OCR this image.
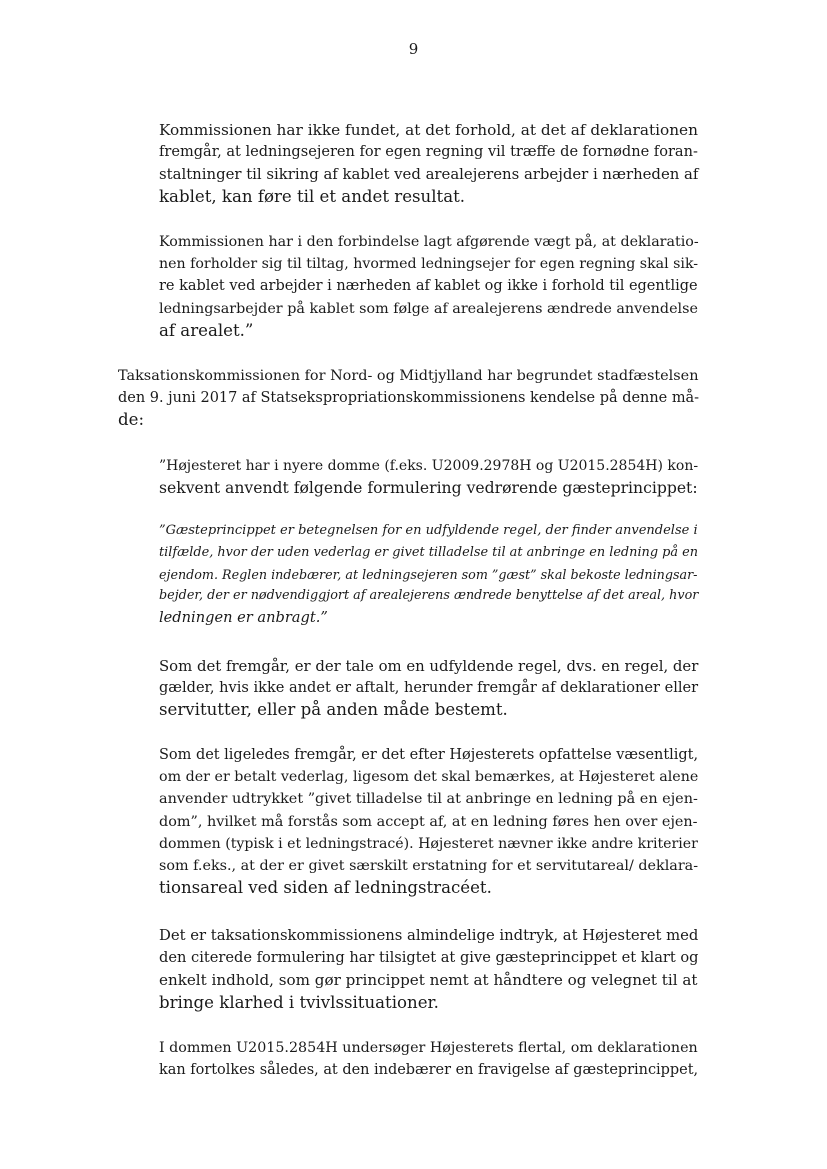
9

Kommissionen har ikke fundet, at det forhold, at det af deklarationen
fremgår, at ledningsejeren for egen regning vil træffe de fornødne foran-
staltninger til sikring af kablet ved arealejerens arbejder i nærheden af
kablet, kan føre til et andet resultat.

Kommissionen har i den forbindelse lagt afgørende vægt på, at deklaratio-
nen forholder sig til tiltag, hvormed ledningsejer for egen regning skal sik-
re kablet ved arbejder i nærheden af kablet og ikke i forhold til egentlige
ledningsarbejder på kablet som følge af arealejerens ændrede anvendelse
af arealet.”

Taksationskommissionen for Nord- og Midtjylland har begrundet stadfæstelsen
den 9. juni 2017 af Statsekspropriationskommissionens kendelse på denne må-
de:

”Højesteret har i nyere domme (f.eks. U2009.2978H og U2015.2854H) kon-
sekvent anvendt følgende formulering vedrørende gæsteprincippet:

”Gæsteprincippet er betegnelsen for en udfyldende regel, der finder anvendelse i
tilfælde, hvor der uden vederlag er givet tilladelse til at anbringe en ledning på en
ejendom. Reglen indebærer, at ledningsejeren som ”gæst” skal bekoste ledningsar-
bejder, der er nødvendiggjort af arealejerens ændrede benyttelse af det areal, hvor
ledningen er anbragt.”

Som det fremgår, er der tale om en udfyldende regel, dvs. en regel, der
gælder, hvis ikke andet er aftalt, herunder fremgår af deklarationer eller
servitutter, eller på anden måde bestemt.

Som det ligeledes fremgår, er det efter Højesterets opfattelse væsentligt,
om der er betalt vederlag, ligesom det skal bemærkes, at Højesteret alene
anvender udtrykket ”givet tilladelse til at anbringe en ledning på en ejen-
dom”, hvilket må forstås som accept af, at en ledning føres hen over ejen-
dommen (typisk i et ledningstracé). Højesteret nævner ikke andre kriterier
som f.eks., at der er givet særskilt erstatning for et servitutareal/ deklara-
tionsareal ved siden af ledningstracéet.

Det er taksationskommissionens almindelige indtryk, at Højesteret med
den citerede formulering har tilsigtet at give gæsteprincippet et klart og
enkelt indhold, som gør princippet nemt at håndtere og velegnet til at
bringe klarhed i tvivlssituationer.

I dommen U2015.2854H undersøger Højesterets flertal, om deklarationen
kan fortolkes således, at den indebærer en fravigelse af gæsteprincippet,
